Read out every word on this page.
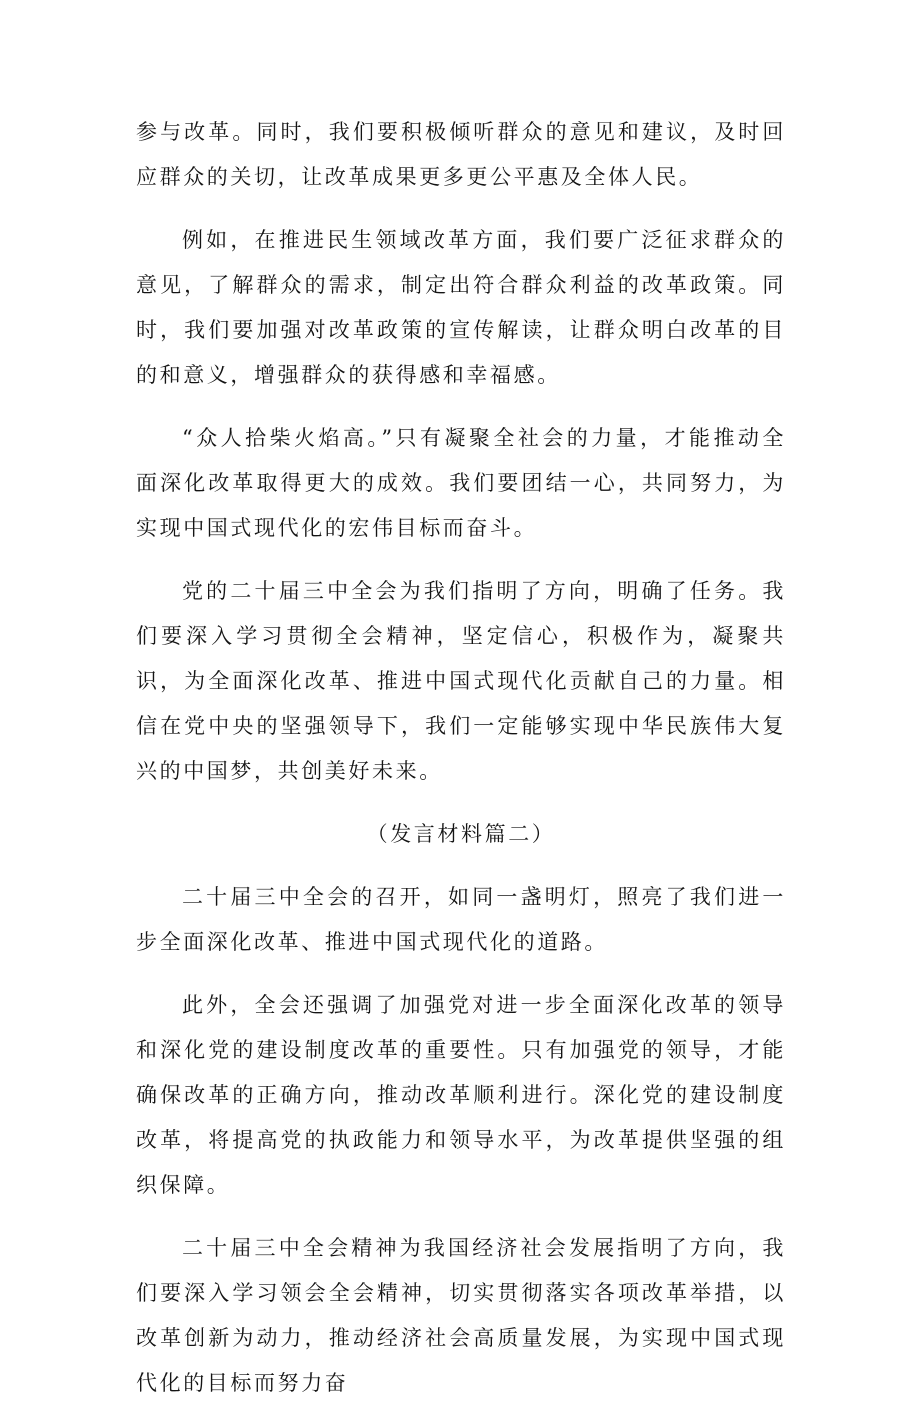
参与改革。同时，我们要积极倾听群众的意见和建议，及时回应群众的关切，让改革成果更多更公平惠及全体人民。

例如，在推进民生领域改革方面，我们要广泛征求群众的意见，了解群众的需求，制定出符合群众利益的改革政策。同时，我们要加强对改革政策的宣传解读，让群众明白改革的目的和意义，增强群众的获得感和幸福感。

“众人拾柴火焰高。”只有凝聚全社会的力量，才能推动全面深化改革取得更大的成效。我们要团结一心，共同努力，为实现中国式现代化的宏伟目标而奋斗。

党的二十届三中全会为我们指明了方向，明确了任务。我们要深入学习贯彻全会精神，坚定信心，积极作为，凝聚共识，为全面深化改革、推进中国式现代化贡献自己的力量。相信在党中央的坚强领导下，我们一定能够实现中华民族伟大复兴的中国梦，共创美好未来。

（发言材料篇二）

二十届三中全会的召开，如同一盏明灯，照亮了我们进一步全面深化改革、推进中国式现代化的道路。

此外，全会还强调了加强党对进一步全面深化改革的领导和深化党的建设制度改革的重要性。只有加强党的领导，才能确保改革的正确方向，推动改革顺利进行。深化党的建设制度改革，将提高党的执政能力和领导水平，为改革提供坚强的组织保障。

二十届三中全会精神为我国经济社会发展指明了方向，我们要深入学习领会全会精神，切实贯彻落实各项改革举措，以改革创新为动力，推动经济社会高质量发展，为实现中国式现代化的目标而努力奋
